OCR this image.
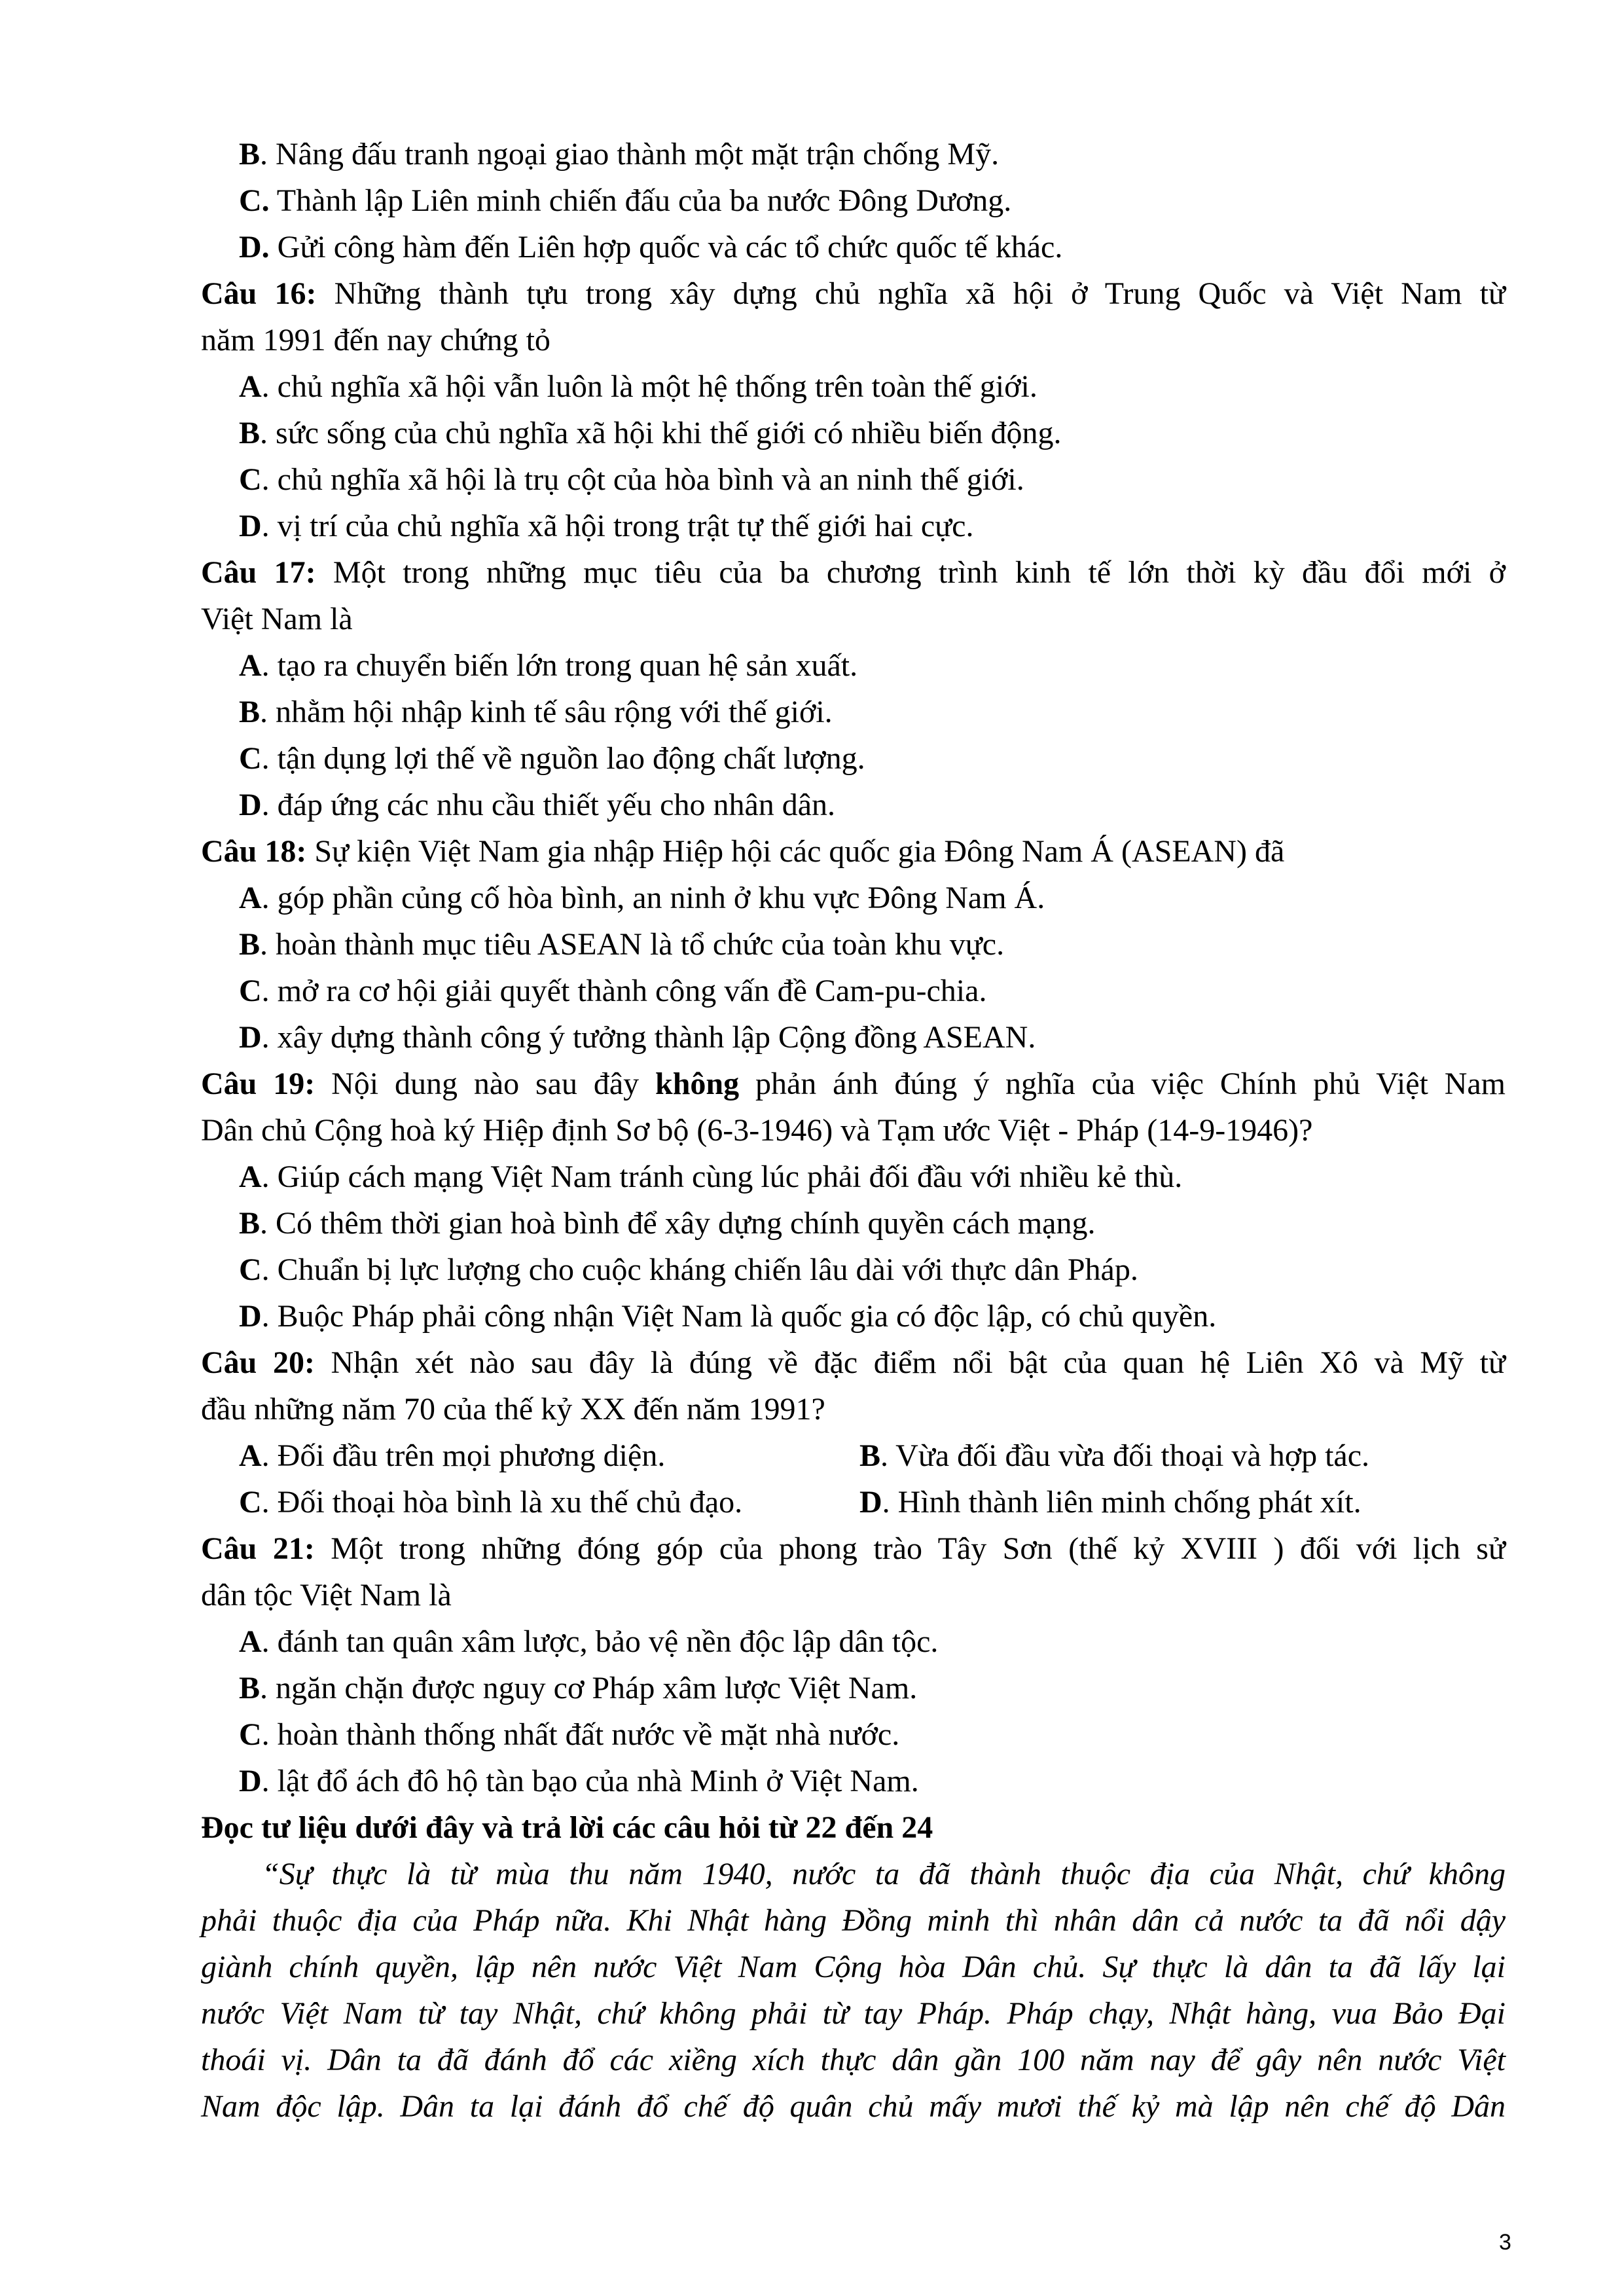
B. Nâng đấu tranh ngoại giao thành một mặt trận chống Mỹ.
C. Thành lập Liên minh chiến đấu của ba nước Đông Dương.
D. Gửi công hàm đến Liên hợp quốc và các tổ chức quốc tế khác.
Câu 16: Những thành tựu trong xây dựng chủ nghĩa xã hội ở Trung Quốc và Việt Nam từ
năm 1991 đến nay chứng tỏ
A. chủ nghĩa xã hội vẫn luôn là một hệ thống trên toàn thế giới.
B. sức sống của chủ nghĩa xã hội khi thế giới có nhiều biến động.
C. chủ nghĩa xã hội là trụ cột của hòa bình và an ninh thế giới.
D. vị trí của chủ nghĩa xã hội trong trật tự thế giới hai cực.
Câu 17: Một trong những mục tiêu của ba chương trình kinh tế lớn thời kỳ đầu đổi mới ở
Việt Nam là
A. tạo ra chuyển biến lớn trong quan hệ sản xuất.
B. nhằm hội nhập kinh tế sâu rộng với thế giới.
C. tận dụng lợi thế về nguồn lao động chất lượng.
D. đáp ứng các nhu cầu thiết yếu cho nhân dân.
Câu 18: Sự kiện Việt Nam gia nhập Hiệp hội các quốc gia Đông Nam Á (ASEAN) đã
A. góp phần củng cố hòa bình, an ninh ở khu vực Đông Nam Á.
B. hoàn thành mục tiêu ASEAN là tổ chức của toàn khu vực.
C. mở ra cơ hội giải quyết thành công vấn đề Cam-pu-chia.
D. xây dựng thành công ý tưởng thành lập Cộng đồng ASEAN.
Câu 19: Nội dung nào sau đây không phản ánh đúng ý nghĩa của việc Chính phủ Việt Nam
Dân chủ Cộng hoà ký Hiệp định Sơ bộ (6-3-1946) và Tạm ước Việt - Pháp (14-9-1946)?
A. Giúp cách mạng Việt Nam tránh cùng lúc phải đối đầu với nhiều kẻ thù.
B. Có thêm thời gian hoà bình để xây dựng chính quyền cách mạng.
C. Chuẩn bị lực lượng cho cuộc kháng chiến lâu dài với thực dân Pháp.
D. Buộc Pháp phải công nhận Việt Nam là quốc gia có độc lập, có chủ quyền.
Câu 20: Nhận xét nào sau đây là đúng về đặc điểm nổi bật của quan hệ Liên Xô và Mỹ từ
đầu những năm 70 của thế kỷ XX đến năm 1991?
A. Đối đầu trên mọi phương diện.	B. Vừa đối đầu vừa đối thoại và hợp tác.
C. Đối thoại hòa bình là xu thế chủ đạo.	D. Hình thành liên minh chống phát xít.
Câu 21: Một trong những đóng góp của phong trào Tây Sơn (thế kỷ XVIII ) đối với lịch sử
dân tộc Việt Nam là
A. đánh tan quân xâm lược, bảo vệ nền độc lập dân tộc.
B. ngăn chặn được nguy cơ Pháp xâm lược Việt Nam.
C. hoàn thành thống nhất đất nước về mặt nhà nước.
D. lật đổ ách đô hộ tàn bạo của nhà Minh ở Việt Nam.
Đọc tư liệu dưới đây và trả lời các câu hỏi từ 22 đến 24
“Sự thực là từ mùa thu năm 1940, nước ta đã thành thuộc địa của Nhật, chứ không
phải thuộc địa của Pháp nữa. Khi Nhật hàng Đồng minh thì nhân dân cả nước ta đã nổi dậy
giành chính quyền, lập nên nước Việt Nam Cộng hòa Dân chủ. Sự thực là dân ta đã lấy lại
nước Việt Nam từ tay Nhật, chứ không phải từ tay Pháp. Pháp chạy, Nhật hàng, vua Bảo Đại
thoái vị. Dân ta đã đánh đổ các xiềng xích thực dân gần 100 năm nay để gây nên nước Việt
Nam độc lập. Dân ta lại đánh đổ chế độ quân chủ mấy mươi thế kỷ mà lập nên chế độ Dân
3
